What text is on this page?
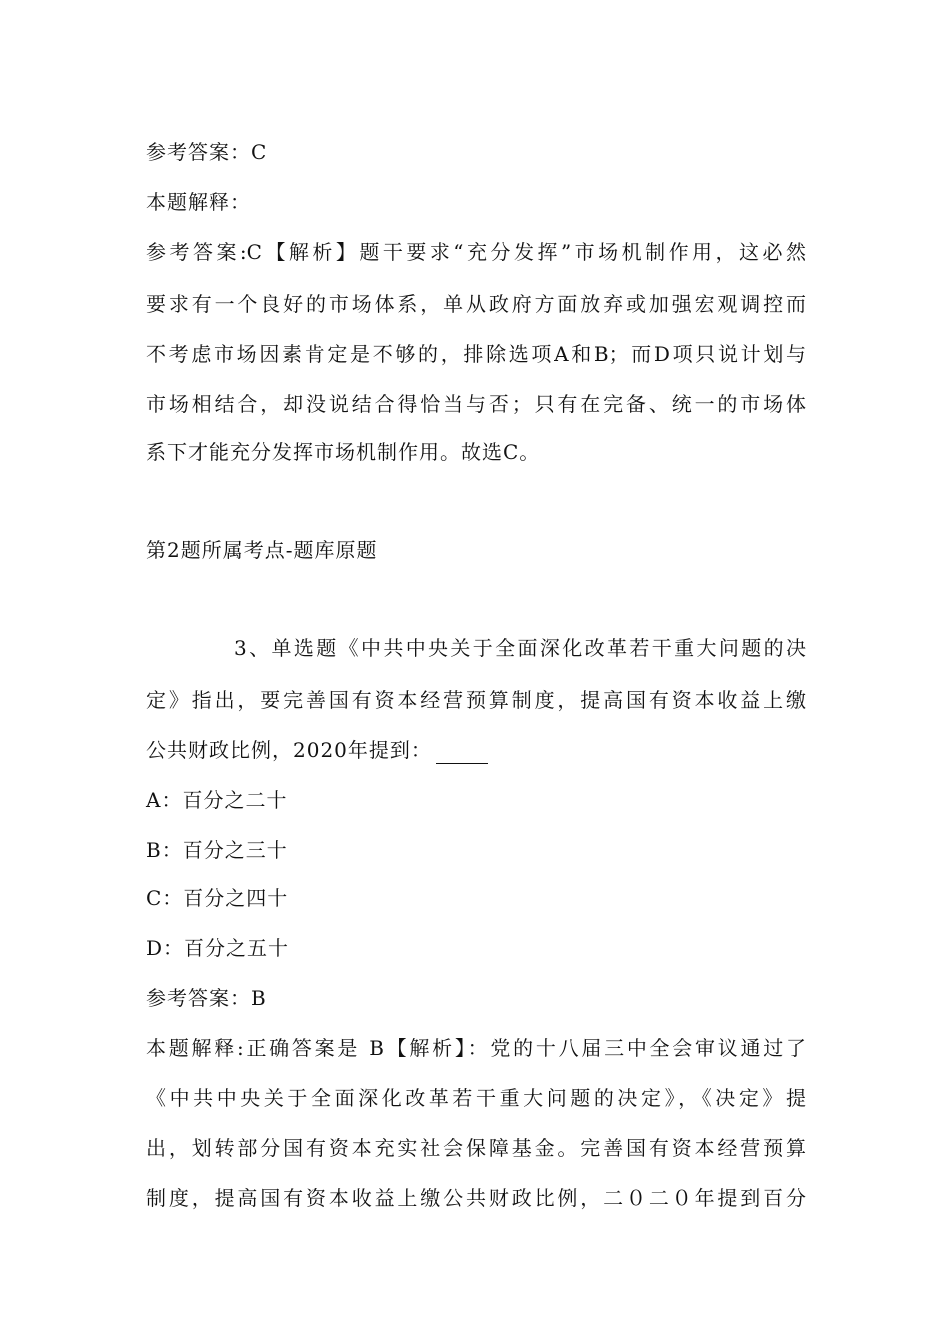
参考答案：C
本题解释：
参考答案:C【解析】题干要求“充分发挥”市场机制作用，这必然
要求有一个良好的市场体系，单从政府方面放弃或加强宏观调控而
不考虑市场因素肯定是不够的，排除选项A和B；而D项只说计划与
市场相结合，却没说结合得恰当与否；只有在完备、统一的市场体
系下才能充分发挥市场机制作用。故选C。
第2题所属考点-题库原题
3、单选题《中共中央关于全面深化改革若干重大问题的决
定》指出，要完善国有资本经营预算制度，提高国有资本收益上缴
公共财政比例，2020年提到：
A：百分之二十
B：百分之三十
C：百分之四十
D：百分之五十
参考答案：B
本题解释:正确答案是 B【解析】：党的十八届三中全会审议通过了
《中共中央关于全面深化改革若干重大问题的决定》，《决定》提
出，划转部分国有资本充实社会保障基金。完善国有资本经营预算
制度，提高国有资本收益上缴公共财政比例，二０二０年提到百分
